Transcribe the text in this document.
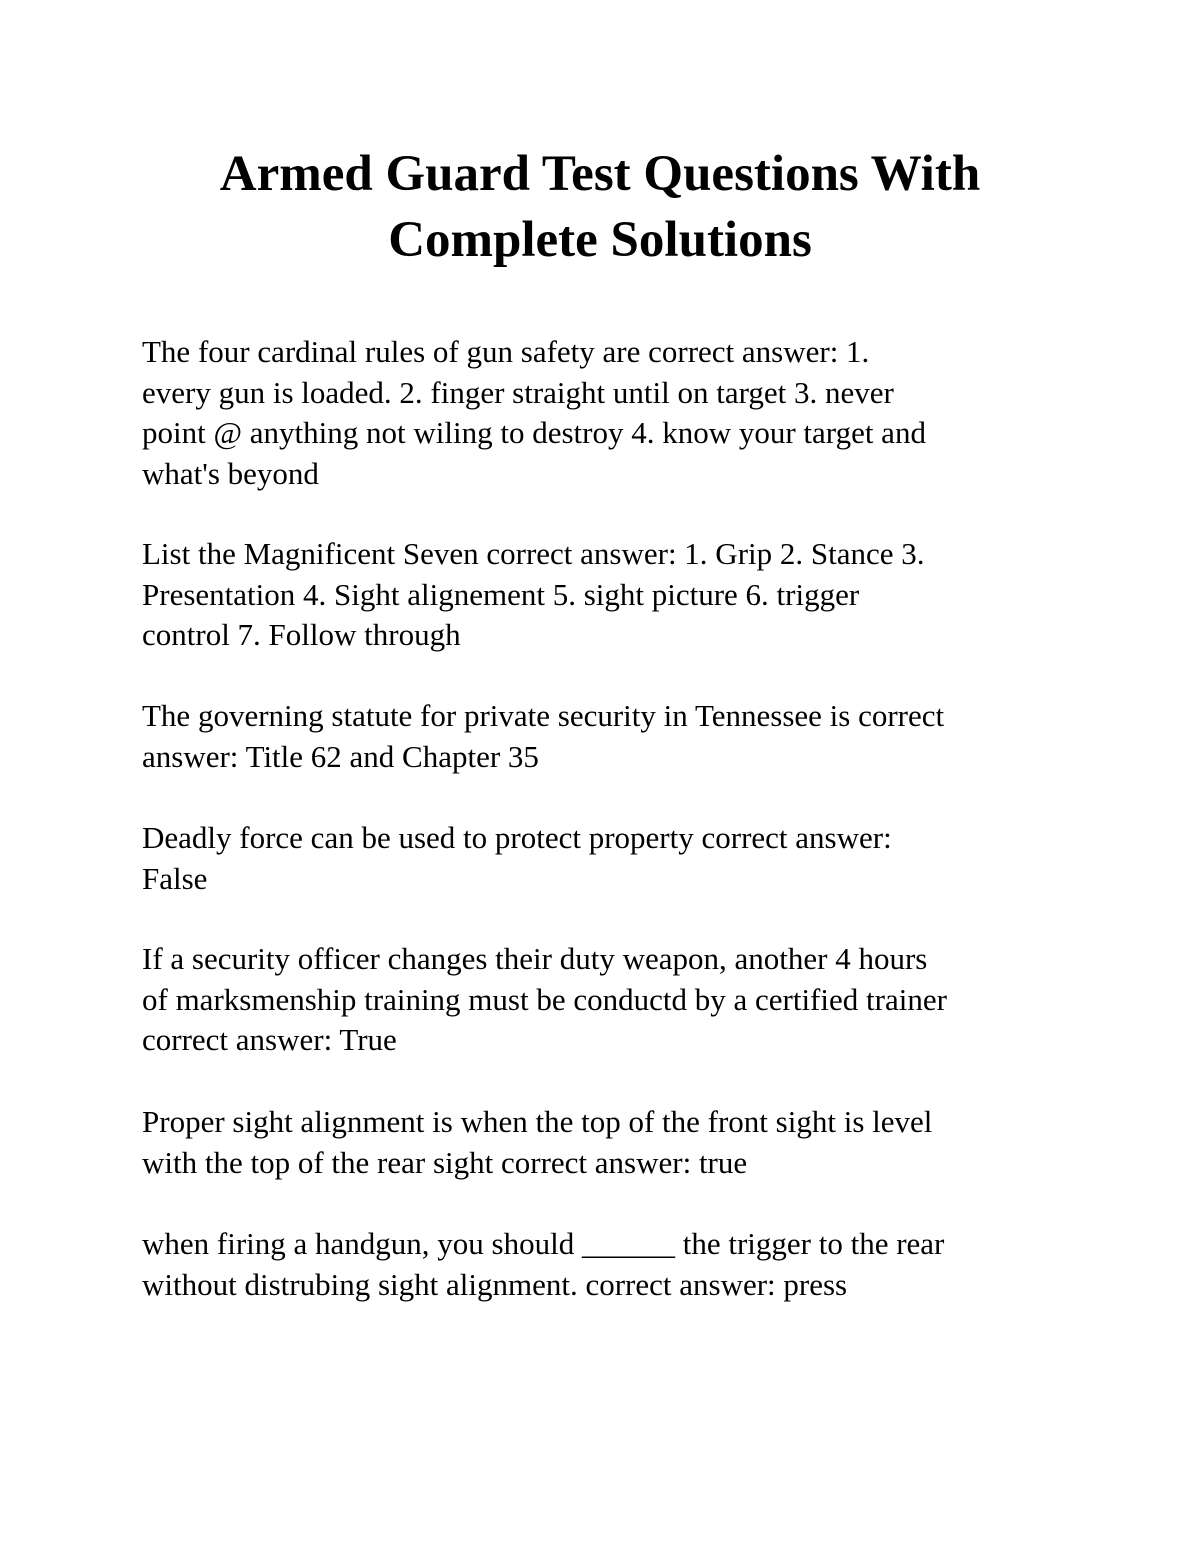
Armed Guard Test Questions With
Complete Solutions

The four cardinal rules of gun safety are correct answer: 1.
every gun is loaded. 2. finger straight until on target 3. never
point @ anything not wiling to destroy 4. know your target and
what's beyond

List the Magnificent Seven correct answer: 1. Grip 2. Stance 3.
Presentation 4. Sight alignement 5. sight picture 6. trigger
control 7. Follow through

The governing statute for private security in Tennessee is correct
answer: Title 62 and Chapter 35

Deadly force can be used to protect property correct answer:
False

If a security officer changes their duty weapon, another 4 hours
of marksmenship training must be conductd by a certified trainer
correct answer: True

Proper sight alignment is when the top of the front sight is level
with the top of the rear sight correct answer: true

when firing a handgun, you should ______ the trigger to the rear
without distrubing sight alignment. correct answer: press
